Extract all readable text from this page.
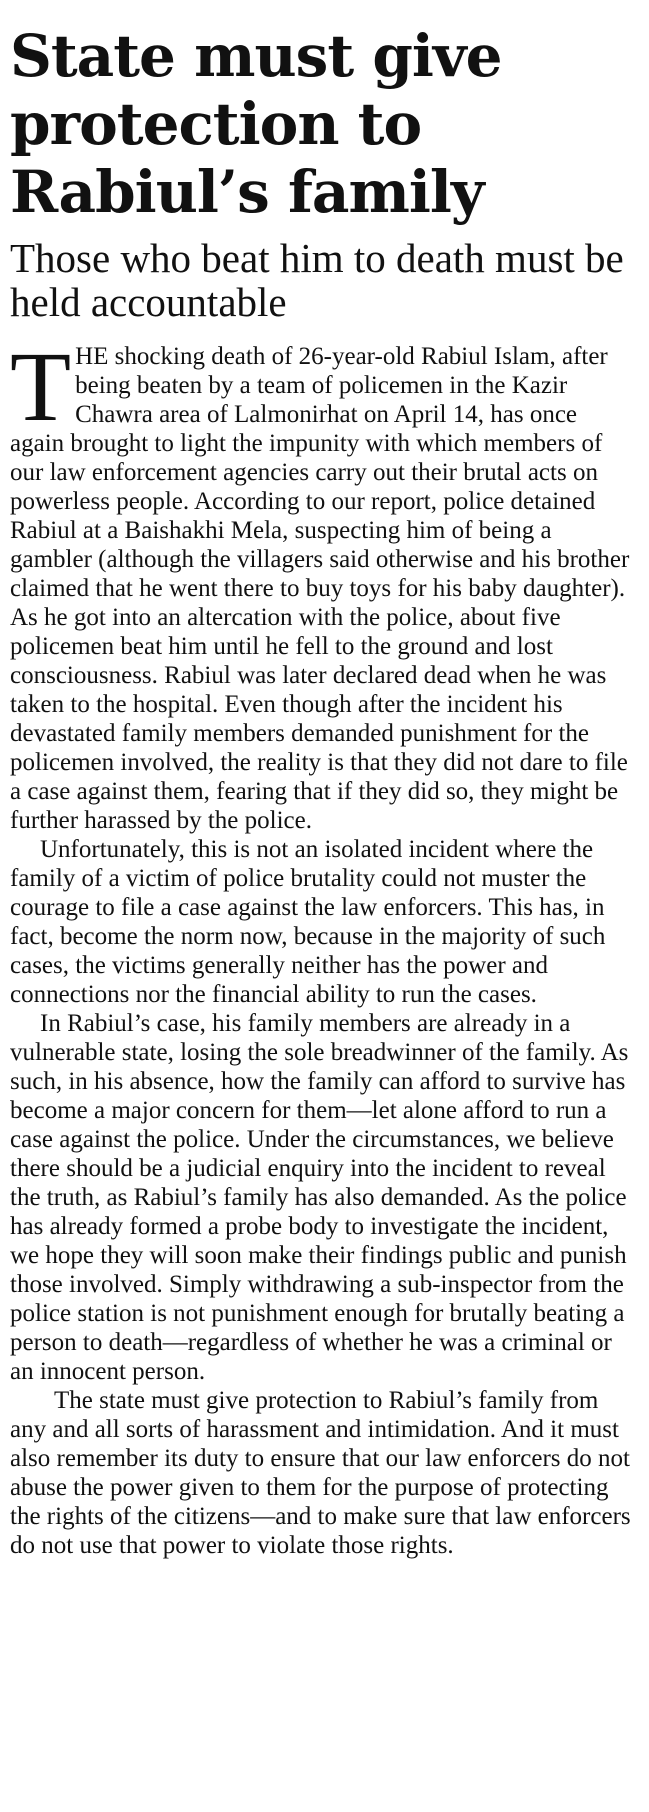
State must give protection to Rabiul’s family
Those who beat him to death must be held accountable

THE shocking death of 26-year-old Rabiul Islam, after being beaten by a team of policemen in the Kazir Chawra area of Lalmonirhat on April 14, has once again brought to light the impunity with which members of our law enforcement agencies carry out their brutal acts on powerless people. According to our report, police detained Rabiul at a Baishakhi Mela, suspecting him of being a gambler (although the villagers said otherwise and his brother claimed that he went there to buy toys for his baby daughter). As he got into an altercation with the police, about five policemen beat him until he fell to the ground and lost consciousness. Rabiul was later declared dead when he was taken to the hospital. Even though after the incident his devastated family members demanded punishment for the policemen involved, the reality is that they did not dare to file a case against them, fearing that if they did so, they might be further harassed by the police.

Unfortunately, this is not an isolated incident where the family of a victim of police brutality could not muster the courage to file a case against the law enforcers. This has, in fact, become the norm now, because in the majority of such cases, the victims generally neither has the power and connections nor the financial ability to run the cases.

In Rabiul’s case, his family members are already in a vulnerable state, losing the sole breadwinner of the family. As such, in his absence, how the family can afford to survive has become a major concern for them—let alone afford to run a case against the police. Under the circumstances, we believe there should be a judicial enquiry into the incident to reveal the truth, as Rabiul’s family has also demanded. As the police has already formed a probe body to investigate the incident, we hope they will soon make their findings public and punish those involved. Simply withdrawing a sub-inspector from the police station is not punishment enough for brutally beating a person to death—regardless of whether he was a criminal or an innocent person.

The state must give protection to Rabiul’s family from any and all sorts of harassment and intimidation. And it must also remember its duty to ensure that our law enforcers do not abuse the power given to them for the purpose of protecting the rights of the citizens—and to make sure that law enforcers do not use that power to violate those rights.
